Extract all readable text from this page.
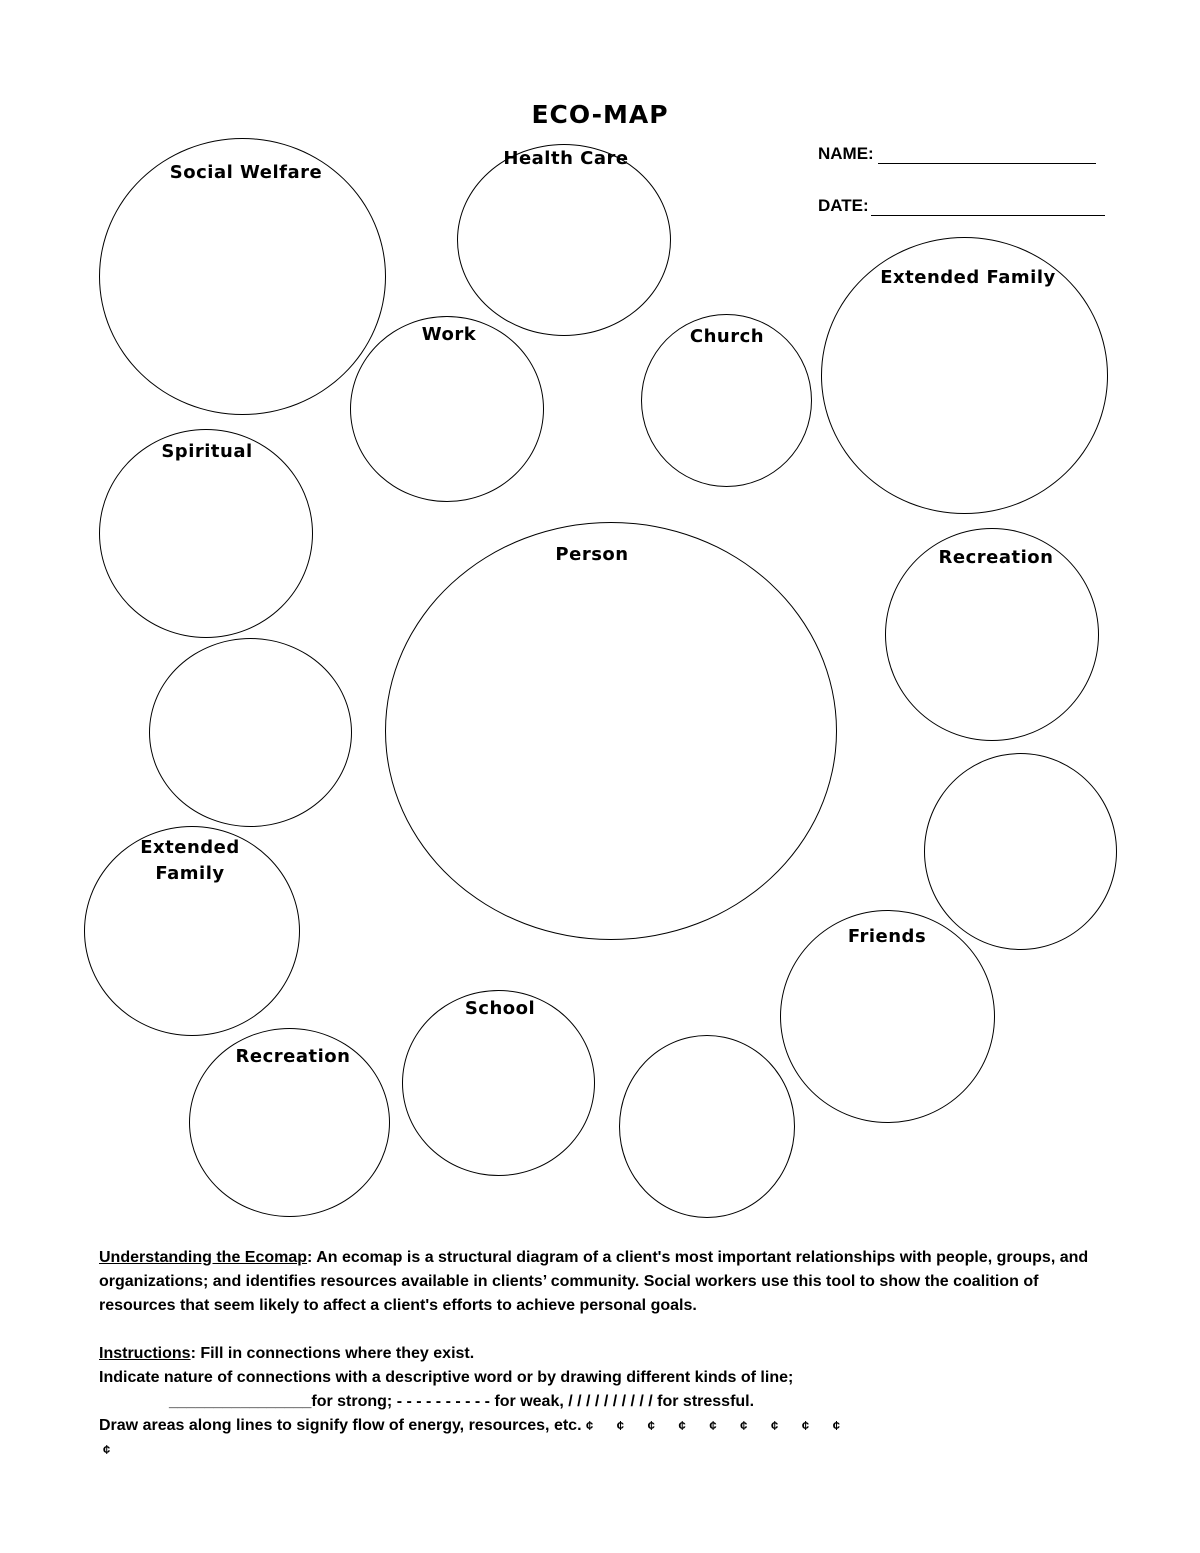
ECO-MAP
NAME:
DATE:
Social Welfare
Health Care
Work	Church
Extended Family
Spiritual
Person	Recreation
Extended Family
Friends
School
Recreation
Understanding the Ecomap: An ecomap is a structural diagram of a client's most important relationships with people, groups, and organizations; and identifies resources available in clients’ community. Social workers use this tool to show the coalition of resources that seem likely to affect a client's efforts to achieve personal goals.
Instructions: Fill in connections where they exist.
Indicate nature of connections with a descriptive word or by drawing different kinds of line;
________________for strong; - - - - - - - - - - for weak, / / / / / / / / / / for stressful.
Draw areas along lines to signify flow of energy, resources, etc. ¢ ¢ ¢ ¢ ¢ ¢ ¢ ¢ ¢
¢
